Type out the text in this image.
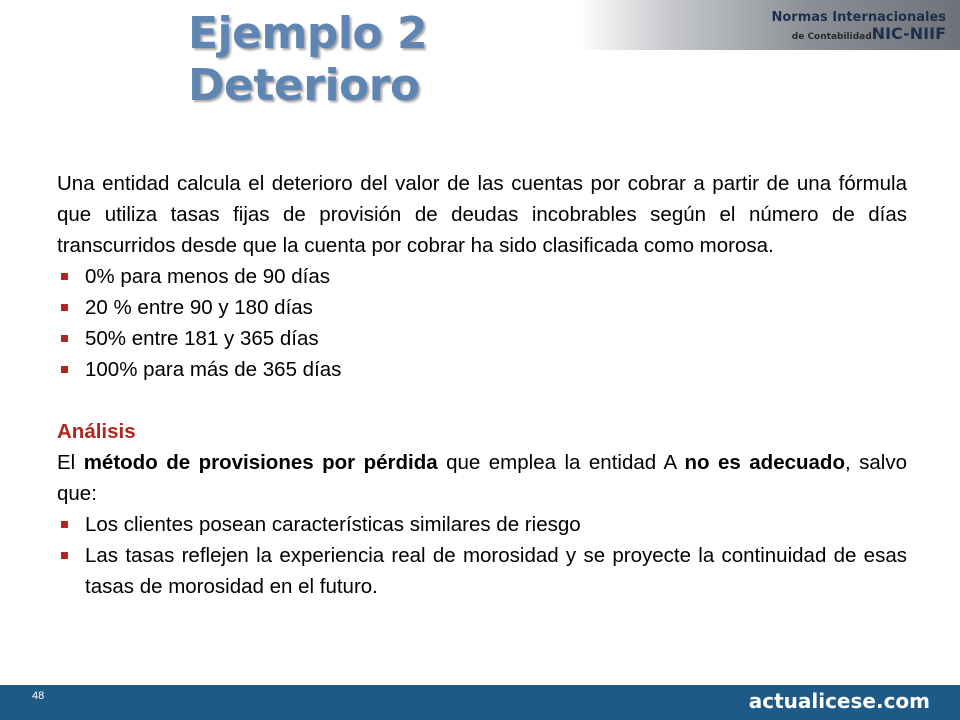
Ejemplo 2
Deterioro
Normas Internacionales
de ContabilidadNIC-NIIF

Una entidad calcula el deterioro del valor de las cuentas por cobrar a partir de una fórmula que utiliza tasas fijas de provisión de deudas incobrables según el número de días transcurridos desde que la cuenta por cobrar ha sido clasificada como morosa.

0% para menos de 90 días
20 % entre 90 y 180 días
50% entre 181 y 365 días
100% para más de 365 días
Análisis

El método de provisiones por pérdida que emplea la entidad A no es adecuado, salvo que:

Los clientes posean características similares de riesgo
Las tasas reflejen la experiencia real de morosidad y se proyecte la continuidad de esas tasas de morosidad en el futuro.
48	actualicese.com
